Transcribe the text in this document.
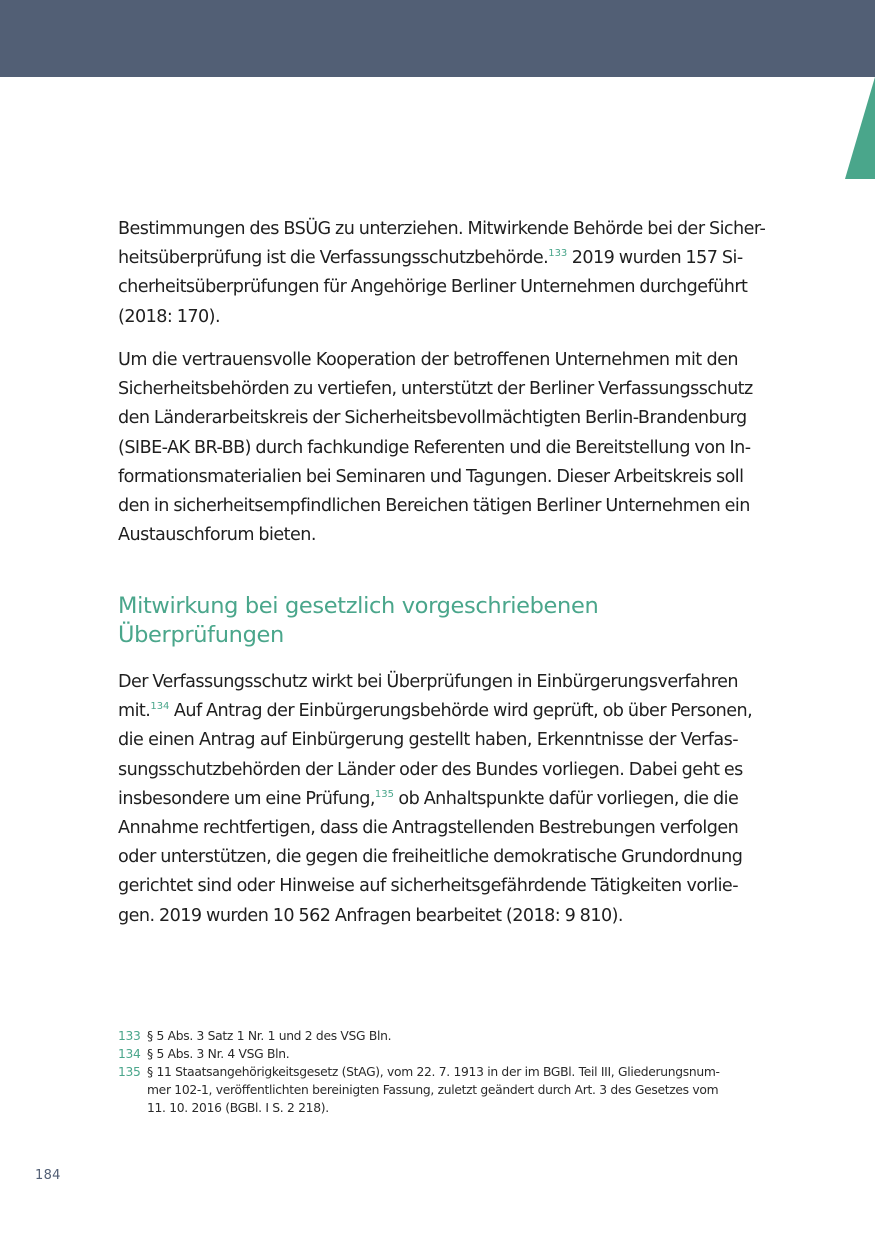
Bestimmungen des BSÜG zu unterziehen. Mitwirkende Behörde bei der Sicher-
heitsüberprüfung ist die Verfassungsschutzbehörde.$^{133}$ 2019 wurden 157 Si-
cherheitsüberprüfungen für Angehörige Berliner Unternehmen durchgeführt
(2018: 170).
Um die vertrauensvolle Kooperation der betroffenen Unternehmen mit den
Sicherheitsbehörden zu vertiefen, unterstützt der Berliner Verfassungsschutz
den Länderarbeitskreis der Sicherheitsbevollmächtigten Berlin-Brandenburg
(SIBE-AK BR-BB) durch fachkundige Referenten und die Bereitstellung von In-
formationsmaterialien bei Seminaren und Tagungen. Dieser Arbeitskreis soll
den in sicherheitsempfindlichen Bereichen tätigen Berliner Unternehmen ein
Austauschforum bieten.
Mitwirkung bei gesetzlich vorgeschriebenen
Überprüfungen
Der Verfassungsschutz wirkt bei Überprüfungen in Einbürgerungsverfahren
mit.$^{134}$ Auf Antrag der Einbürgerungsbehörde wird geprüft, ob über Personen,
die einen Antrag auf Einbürgerung gestellt haben, Erkenntnisse der Verfas-
sungsschutzbehörden der Länder oder des Bundes vorliegen. Dabei geht es
insbesondere um eine Prüfung,$^{135}$ ob Anhaltspunkte dafür vorliegen, die die
Annahme rechtfertigen, dass die Antragstellenden Bestrebungen verfolgen
oder unterstützen, die gegen die freiheitliche demokratische Grundordnung
gerichtet sind oder Hinweise auf sicherheitsgefährdende Tätigkeiten vorlie-
gen. 2019 wurden 10 562 Anfragen bearbeitet (2018: 9 810).
133 § 5 Abs. 3 Satz 1 Nr. 1 und 2 des VSG Bln.
134 § 5 Abs. 3 Nr. 4 VSG Bln.
135 § 11 Staatsangehörigkeitsgesetz (StAG), vom 22. 7. 1913 in der im BGBl. Teil III, Gliederungsnum-
mer 102-1, veröffentlichten bereinigten Fassung, zuletzt geändert durch Art. 3 des Gesetzes vom
11. 10. 2016 (BGBl. I S. 2 218).
184
